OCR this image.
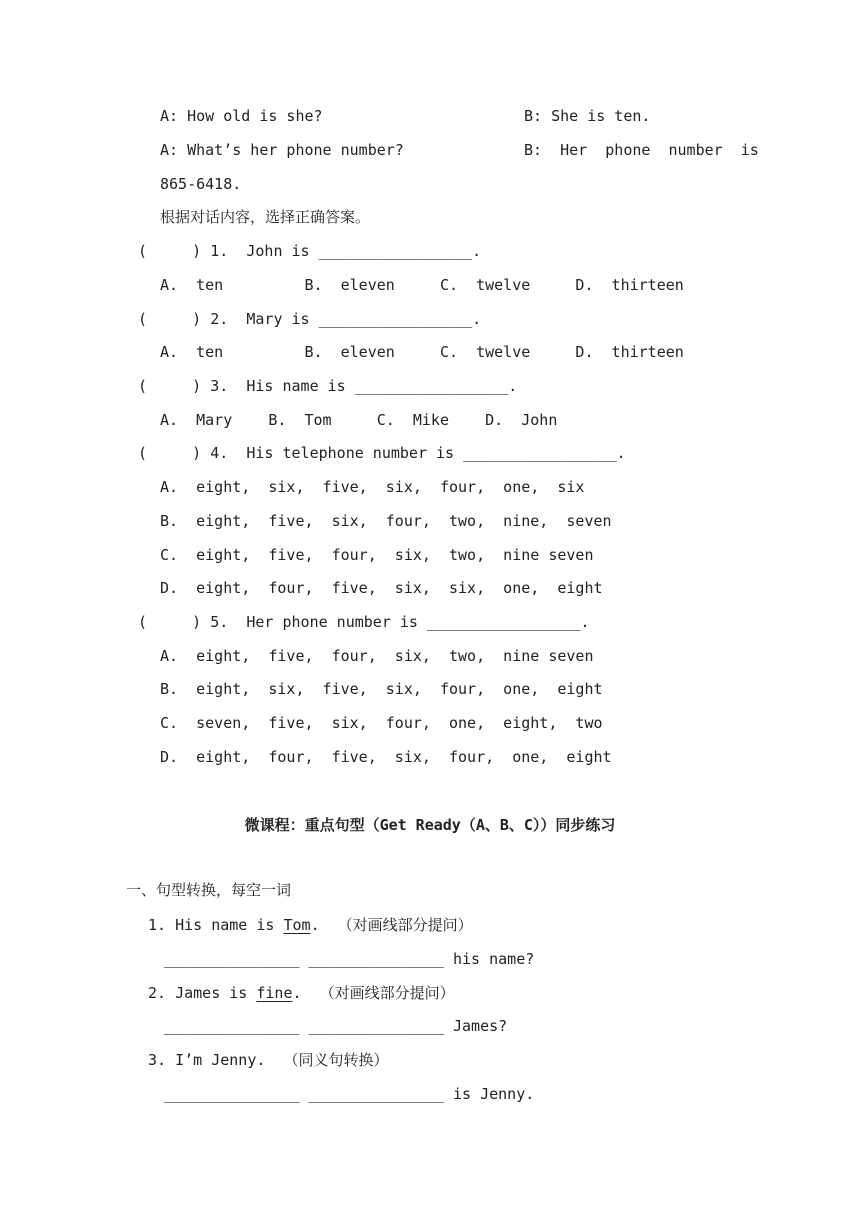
A: How old is she?	B: She is ten.
A: What’s her phone number?	B:  Her  phone  number  is
865-6418.
根据对话内容，选择正确答案。
(     ) 1.  John is _________________.
A.  ten         B.  eleven     C.  twelve     D.  thirteen
(     ) 2.  Mary is _________________.
A.  ten         B.  eleven     C.  twelve     D.  thirteen
(     ) 3.  His name is _________________.
A.  Mary    B.  Tom     C.  Mike    D.  John
(     ) 4.  His telephone number is _________________.
A.  eight,  six,  five,  six,  four,  one,  six
B.  eight,  five,  six,  four,  two,  nine,  seven
C.  eight,  five,  four,  six,  two,  nine seven
D.  eight,  four,  five,  six,  six,  one,  eight
(     ) 5.  Her phone number is _________________.
A.  eight,  five,  four,  six,  two,  nine seven
B.  eight,  six,  five,  six,  four,  one,  eight
C.  seven,  five,  six,  four,  one,  eight,  two
D.  eight,  four,  five,  six,  four,  one,  eight
微课程：重点句型（Get Ready（A、B、C））同步练习
一、句型转换，每空一词
1. His name is Tom.  （对画线部分提问）
_______________ _______________ his name?
2. James is fine.  （对画线部分提问）
_______________ _______________ James?
3. I’m Jenny.  （同义句转换）
_______________ _______________ is Jenny.
